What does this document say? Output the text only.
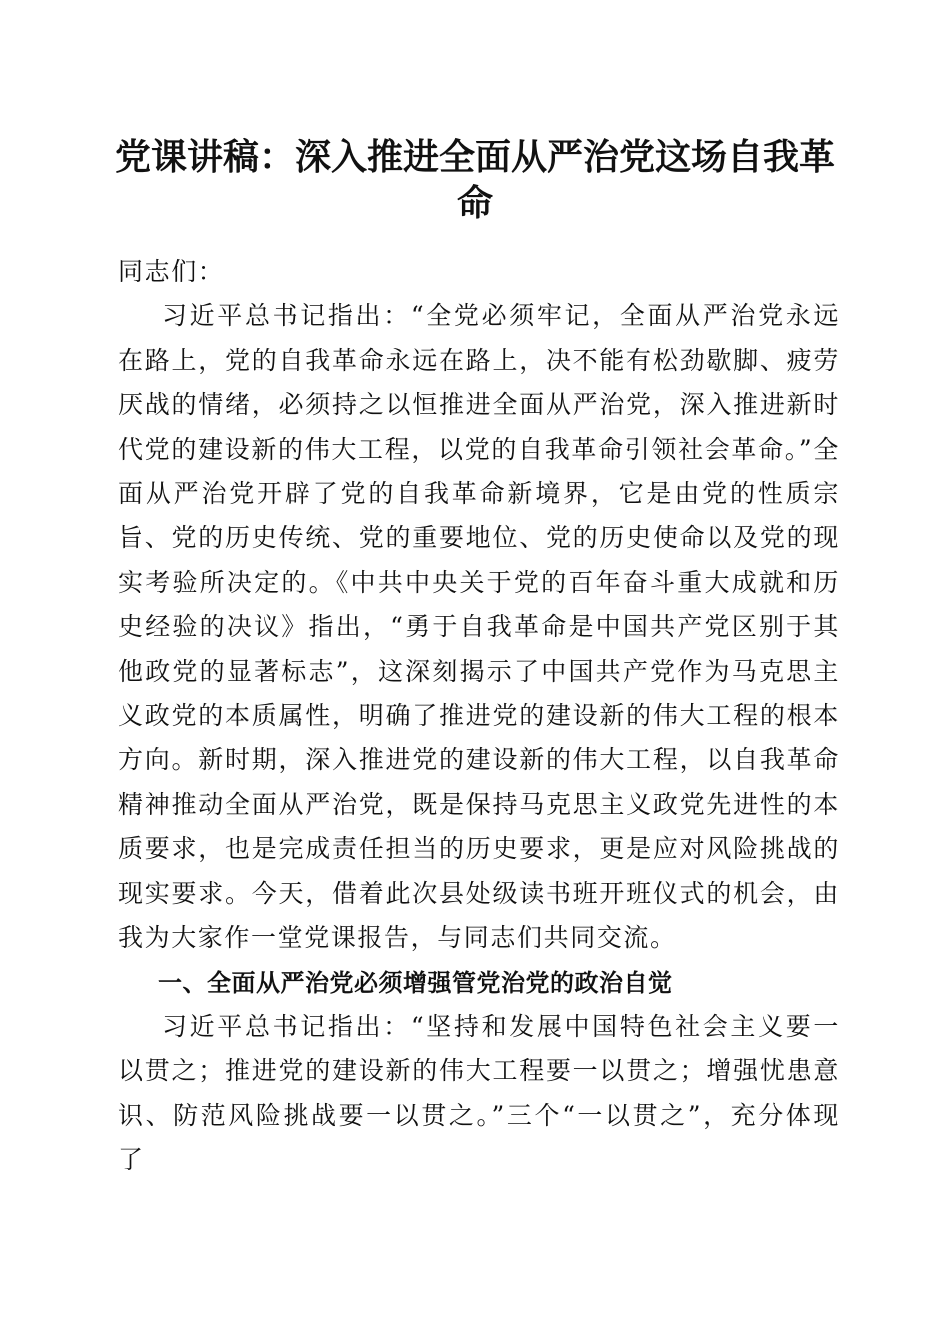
党课讲稿：深入推进全面从严治党这场自我革命

同志们：

习近平总书记指出：“全党必须牢记，全面从严治党永远在路上，党的自我革命永远在路上，决不能有松劲歇脚、疲劳厌战的情绪，必须持之以恒推进全面从严治党，深入推进新时代党的建设新的伟大工程，以党的自我革命引领社会革命。”全面从严治党开辟了党的自我革命新境界，它是由党的性质宗旨、党的历史传统、党的重要地位、党的历史使命以及党的现实考验所决定的。《中共中央关于党的百年奋斗重大成就和历史经验的决议》指出，“勇于自我革命是中国共产党区别于其他政党的显著标志”，这深刻揭示了中国共产党作为马克思主义政党的本质属性，明确了推进党的建设新的伟大工程的根本方向。新时期，深入推进党的建设新的伟大工程，以自我革命精神推动全面从严治党，既是保持马克思主义政党先进性的本质要求，也是完成责任担当的历史要求，更是应对风险挑战的现实要求。今天，借着此次县处级读书班开班仪式的机会，由我为大家作一堂党课报告，与同志们共同交流。

一、全面从严治党必须增强管党治党的政治自觉

习近平总书记指出：“坚持和发展中国特色社会主义要一以贯之；推进党的建设新的伟大工程要一以贯之；增强忧患意识、防范风险挑战要一以贯之。”三个“一以贯之”，充分体现了
